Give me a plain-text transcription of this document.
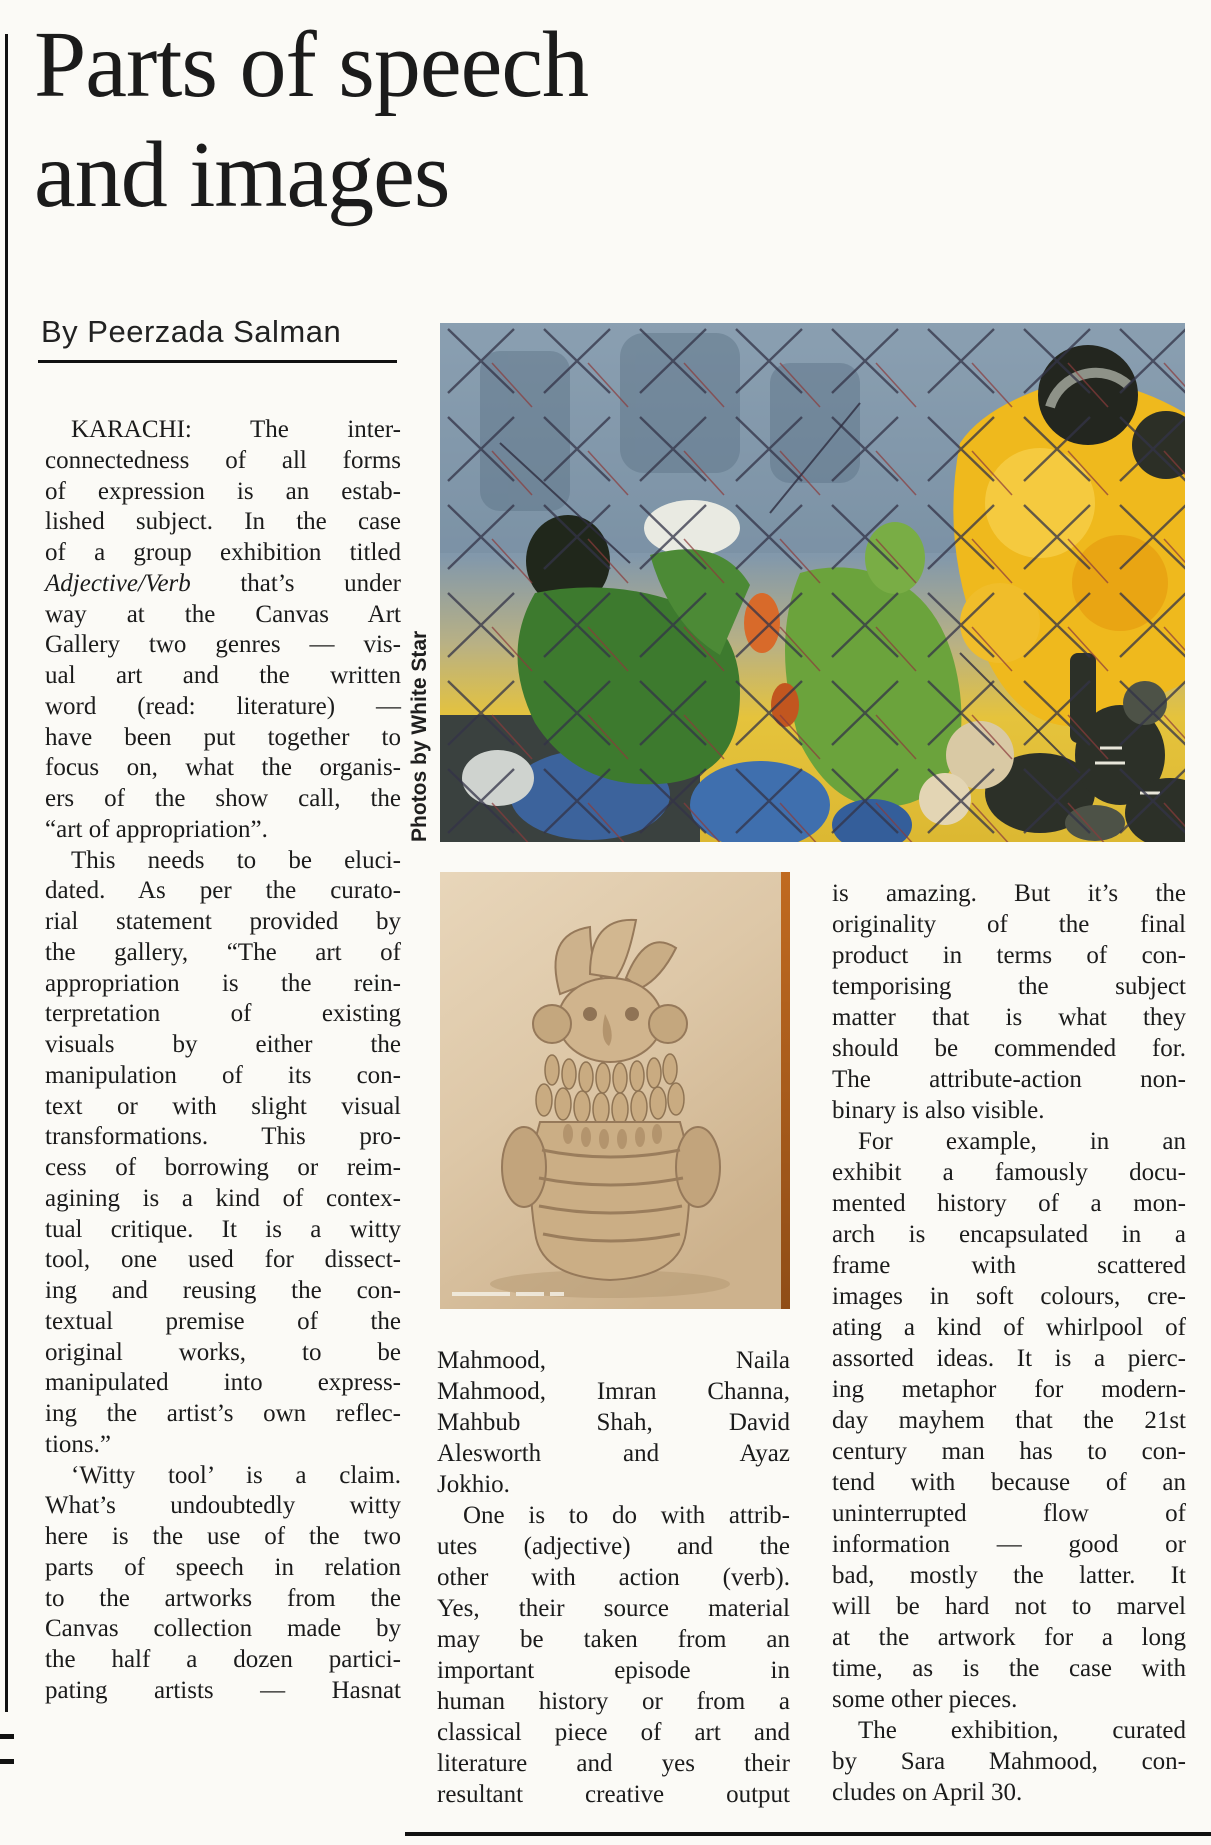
Parts of speech
and images
By Peerzada Salman
Photos by White Star
KARACHI: The inter-
connectedness of all forms
of expression is an estab-
lished subject. In the case
of a group exhibition titled
Adjective/Verb that’s under
way at the Canvas Art
Gallery two genres — vis-
ual art and the written
word (read: literature) —
have been put together to
focus on, what the organis-
ers of the show call, the
“art of appropriation”.
This needs to be eluci-
dated. As per the curato-
rial statement provided by
the gallery, “The art of
appropriation is the rein-
terpretation of existing
visuals by either the
manipulation of its con-
text or with slight visual
transformations. This pro-
cess of borrowing or reim-
agining is a kind of contex-
tual critique. It is a witty
tool, one used for dissect-
ing and reusing the con-
textual premise of the
original works, to be
manipulated into express-
ing the artist’s own reflec-
tions.”
‘Witty tool’ is a claim.
What’s undoubtedly witty
here is the use of the two
parts of speech in relation
to the artworks from the
Canvas collection made by
the half a dozen partici-
pating artists — Hasnat
Mahmood, Naila
Mahmood, Imran Channa,
Mahbub Shah, David
Alesworth and Ayaz
Jokhio.
One is to do with attrib-
utes (adjective) and the
other with action (verb).
Yes, their source material
may be taken from an
important episode in
human history or from a
classical piece of art and
literature and yes their
resultant creative output
is amazing. But it’s the
originality of the final
product in terms of con-
temporising the subject
matter that is what they
should be commended for.
The attribute-action non-
binary is also visible.
For example, in an
exhibit a famously docu-
mented history of a mon-
arch is encapsulated in a
frame with scattered
images in soft colours, cre-
ating a kind of whirlpool of
assorted ideas. It is a pierc-
ing metaphor for modern-
day mayhem that the 21st
century man has to con-
tend with because of an
uninterrupted flow of
information — good or
bad, mostly the latter. It
will be hard not to marvel
at the artwork for a long
time, as is the case with
some other pieces.
The exhibition, curated
by Sara Mahmood, con-
cludes on April 30.
